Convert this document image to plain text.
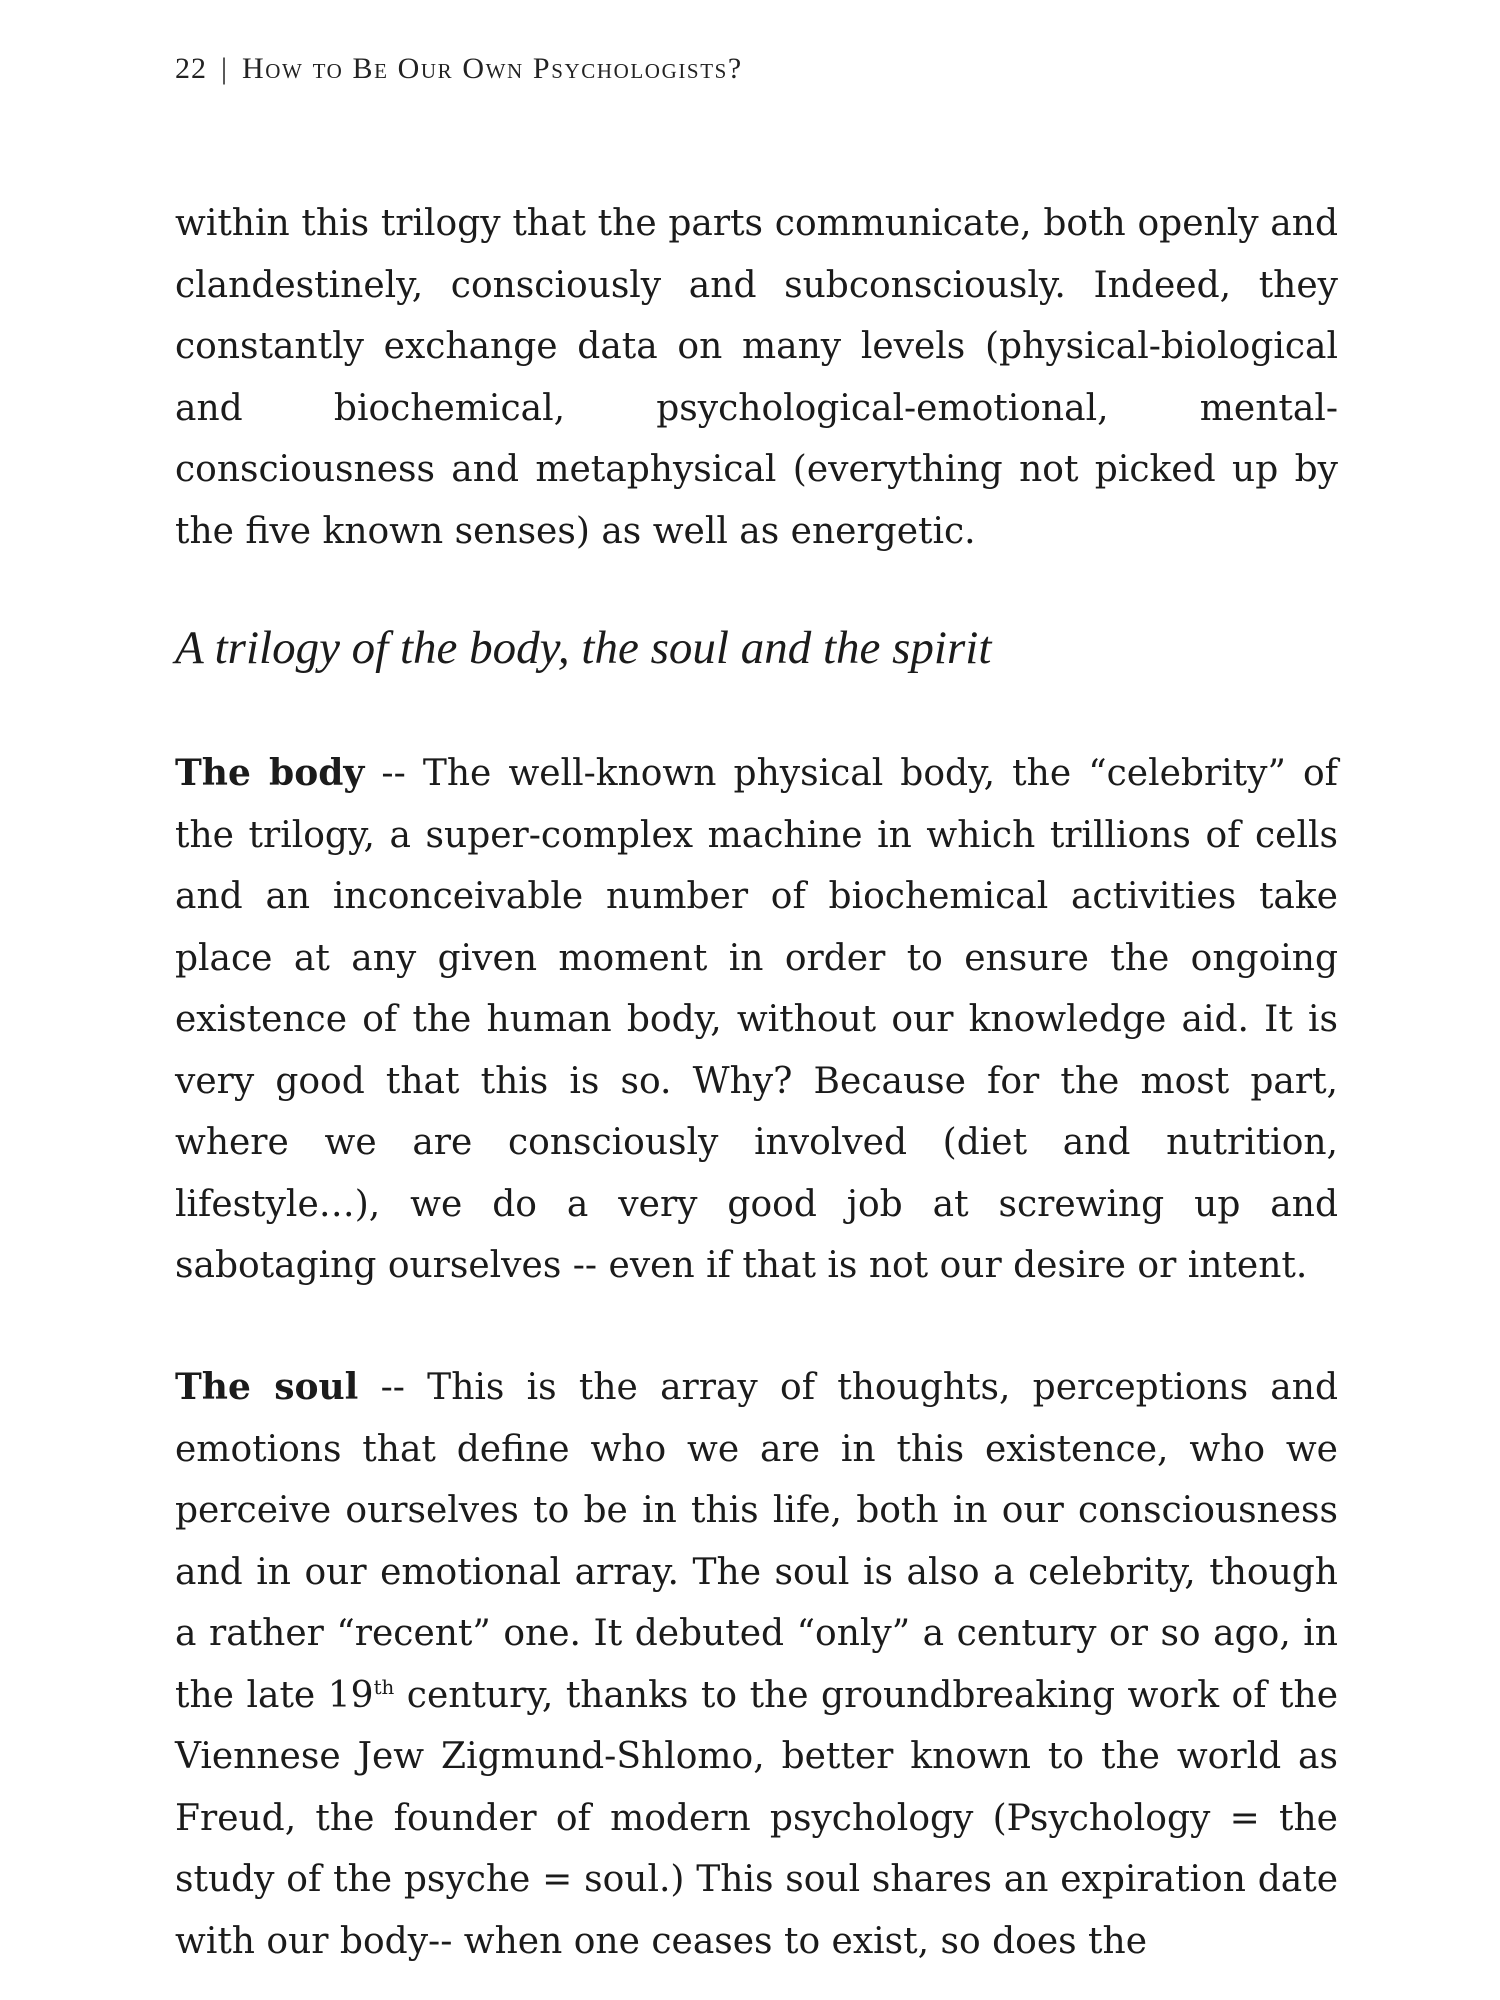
22 | How to Be Our Own Psychologists?

within this trilogy that the parts communicate, both openly and clandestinely, consciously and subconsciously. Indeed, they constantly exchange data on many levels (physical-biological and biochemical, psychological-emotional, mental-consciousness and metaphysical (everything not picked up by the five known senses) as well as energetic.

A trilogy of the body, the soul and the spirit

The body -- The well-known physical body, the “celebrity” of the trilogy, a super-complex machine in which trillions of cells and an inconceivable number of biochemical activities take place at any given moment in order to ensure the ongoing existence of the human body, without our knowledge aid. It is very good that this is so. Why? Because for the most part, where we are consciously involved (diet and nutrition, lifestyle…), we do a very good job at screwing up and sabotaging ourselves -- even if that is not our desire or intent.

The soul -- This is the array of thoughts, perceptions and emotions that define who we are in this existence, who we perceive ourselves to be in this life, both in our consciousness and in our emotional array. The soul is also a celebrity, though a rather “recent” one. It debuted “only” a century or so ago, in the late 19th century, thanks to the groundbreaking work of the Viennese Jew Zigmund-Shlomo, better known to the world as Freud, the founder of modern psychology (Psychology = the study of the psyche = soul.) This soul shares an expiration date with our body-- when one ceases to exist, so does the
